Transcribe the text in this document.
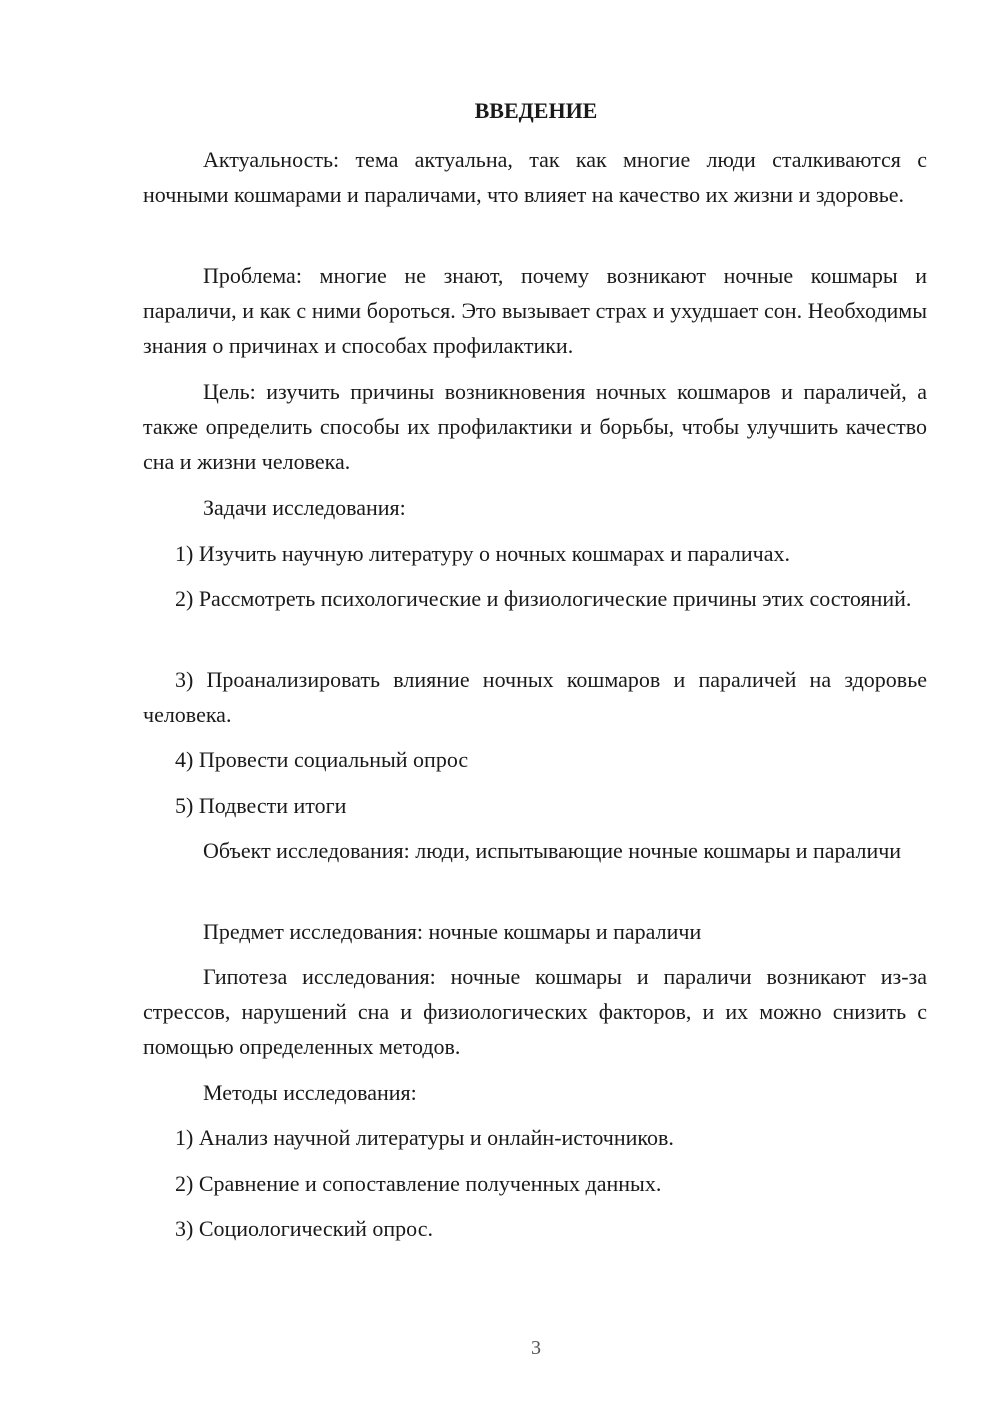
ВВЕДЕНИЕ

Актуальность: тема актуальна, так как многие люди сталкиваются с ночными кошмарами и параличами, что влияет на качество их жизни и здоровье.

Проблема: многие не знают, почему возникают ночные кошмары и параличи, и как с ними бороться. Это вызывает страх и ухудшает сон. Необходимы знания о причинах и способах профилактики.

Цель: изучить причины возникновения ночных кошмаров и параличей, а также определить способы их профилактики и борьбы, чтобы улучшить качество сна и жизни человека.

Задачи исследования:

1) Изучить научную литературу о ночных кошмарах и параличах.

2) Рассмотреть психологические и физиологические причины этих состояний.

3) Проанализировать влияние ночных кошмаров и параличей на здоровье человека.

4) Провести социальный опрос

5) Подвести итоги

Объект исследования: люди, испытывающие ночные кошмары и параличи

Предмет исследования: ночные кошмары и параличи

Гипотеза исследования: ночные кошмары и параличи возникают из-за стрессов, нарушений сна и физиологических факторов, и их можно снизить с помощью определенных методов.

Методы исследования:

1) Анализ научной литературы и онлайн-источников.

2) Сравнение и сопоставление полученных данных.

3) Социологический опрос.

3
